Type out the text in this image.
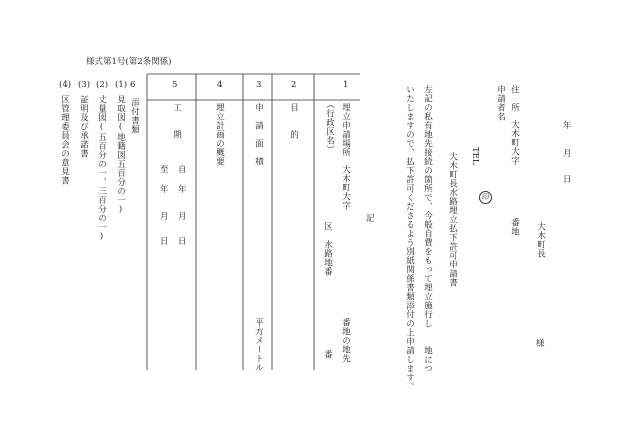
様式第1号(第2条関係)
年
月
日
大木町長
様
住　所
大木町大字
番地
申請者名
印
TEL
大木町長水路埋立払下許可申請書
左記の私有地先接続の箇所で、今般自費をもって埋立施行し　　地につ
いたしますので、払下許可くださるよう別紙関係書類添付の上申請します。
記
1
2
3
4
5
埋立申請場所
（行政区名）
大木町大字
区　水路地番
番地の地先
番
目　　的
申　請　面　積
平方メートル
埋立計画の概要
工　　期
自
年
月
日
至
年
月
日
6
添付書類
(1)
見取図(地籍図五百分の一)
(2)
丈量図(五百分の一、三百分の一)
(3)
証明及び承諾書
(4)
区管理委員会の意見書
